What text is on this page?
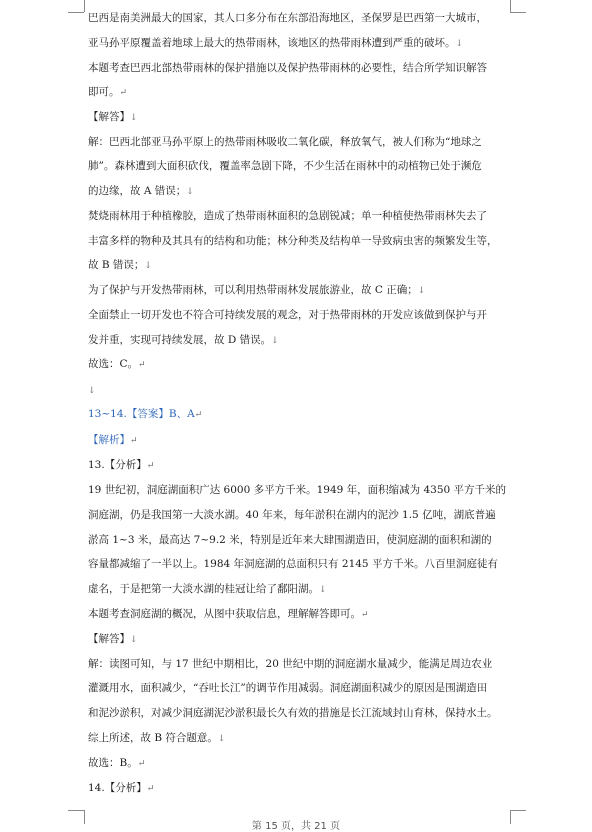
巴西是南美洲最大的国家，其人口多分布在东部沿海地区，圣保罗是巴西第一大城市，
亚马孙平原覆盖着地球上最大的热带雨林，该地区的热带雨林遭到严重的破坏。↓
本题考查巴西北部热带雨林的保护措施以及保护热带雨林的必要性，结合所学知识解答
即可。↵
【解答】↓
解：巴西北部亚马孙平原上的热带雨林吸收二氧化碳，释放氧气，被人们称为“地球之
肺”。森林遭到大面积砍伐，覆盖率急剧下降，不少生活在雨林中的动植物已处于濒危
的边缘，故 A 错误；↓
焚烧雨林用于种植橡胶，造成了热带雨林面积的急剧锐减；单一种植使热带雨林失去了
丰富多样的物种及其具有的结构和功能；林分种类及结构单一导致病虫害的频繁发生等，
故 B 错误；↓
为了保护与开发热带雨林，可以利用热带雨林发展旅游业，故 C 正确；↓
全面禁止一切开发也不符合可持续发展的观念，对于热带雨林的开发应该做到保护与开
发并重，实现可持续发展，故 D 错误。↓
故选：C。↵
↓
13~14.【答案】B、A↵
【解析】↵
13.【分析】↵
19 世纪初，洞庭湖面积广达 6000 多平方千米。1949 年，面积缩减为 4350 平方千米的
洞庭湖，仍是我国第一大淡水湖。40 年来，每年淤积在湖内的泥沙 1.5 亿吨，湖底普遍
淤高 1~3 米，最高达 7~9.2 米，特别是近年来大肆围湖造田，使洞庭湖的面积和湖的
容量都减缩了一半以上。1984 年洞庭湖的总面积只有 2145 平方千米。八百里洞庭徒有
虚名，于是把第一大淡水湖的桂冠让给了鄱阳湖。↓
本题考查洞庭湖的概况，从图中获取信息，理解解答即可。↵
【解答】↓
解：读图可知，与 17 世纪中期相比，20 世纪中期的洞庭湖水量减少，能满足周边农业
灌溉用水，面积减少，“吞吐长江”的调节作用减弱。洞庭湖面积减少的原因是围湖造田
和泥沙淤积，对减少洞庭湖泥沙淤积最长久有效的措施是长江流域封山育林，保持水土。
综上所述，故 B 符合题意。↓
故选：B。↵
14.【分析】↵
第 15 页，共 21 页
